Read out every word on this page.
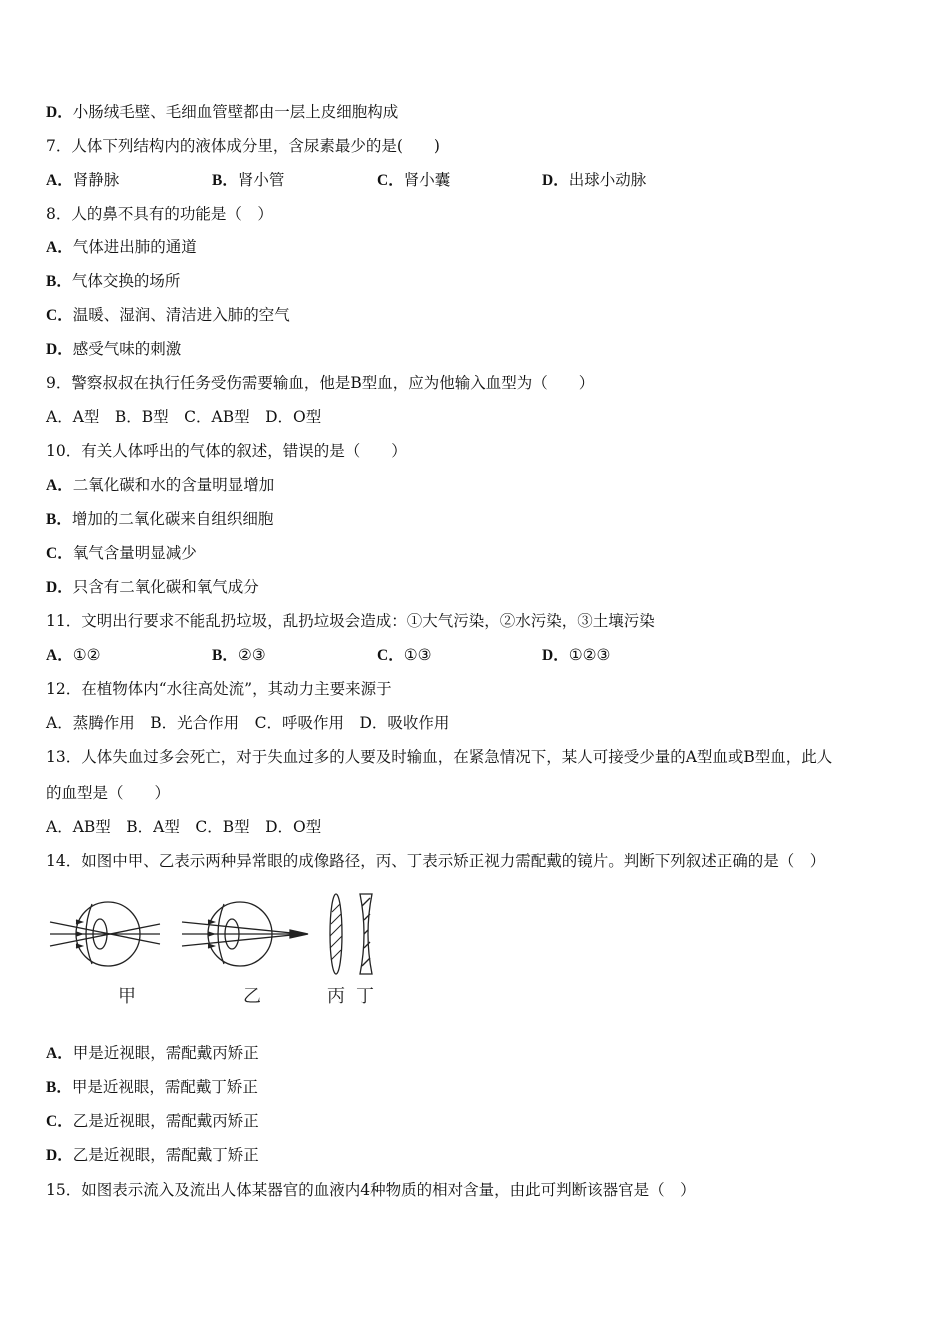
D．小肠绒毛壁、毛细血管壁都由一层上皮细胞构成
7．人体下列结构内的液体成分里，含尿素最少的是(　　)
A．肾静脉	B．肾小管	C．肾小囊	D．出球小动脉
8．人的鼻不具有的功能是（　）
A．气体进出肺的通道
B．气体交换的场所
C．温暖、湿润、清洁进入肺的空气
D．感受气味的刺激
9．警察叔叔在执行任务受伤需要输血，他是B型血，应为他输入血型为（　　）
A．A型　B．B型　C．AB型　D．O型
10．有关人体呼出的气体的叙述，错误的是（　　）
A．二氧化碳和水的含量明显增加
B．增加的二氧化碳来自组织细胞
C．氧气含量明显减少
D．只含有二氧化碳和氧气成分
11．文明出行要求不能乱扔垃圾，乱扔垃圾会造成：①大气污染，②水污染，③土壤污染
A．①②	B．②③	C．①③	D．①②③
12．在植物体内“水往高处流”，其动力主要来源于
A．蒸腾作用　B．光合作用　C．呼吸作用　D．吸收作用
13．人体失血过多会死亡，对于失血过多的人要及时输血，在紧急情况下，某人可接受少量的A型血或B型血，此人
的血型是（　　）
A．AB型　B．A型　C．B型　D．O型
14．如图中甲、乙表示两种异常眼的成像路径，丙、丁表示矫正视力需配戴的镜片。判断下列叙述正确的是（　）
甲	乙	丙 丁
A．甲是近视眼，需配戴丙矫正
B．甲是近视眼，需配戴丁矫正
C．乙是近视眼，需配戴丙矫正
D．乙是近视眼，需配戴丁矫正
15．如图表示流入及流出人体某器官的血液内4种物质的相对含量，由此可判断该器官是（　）
